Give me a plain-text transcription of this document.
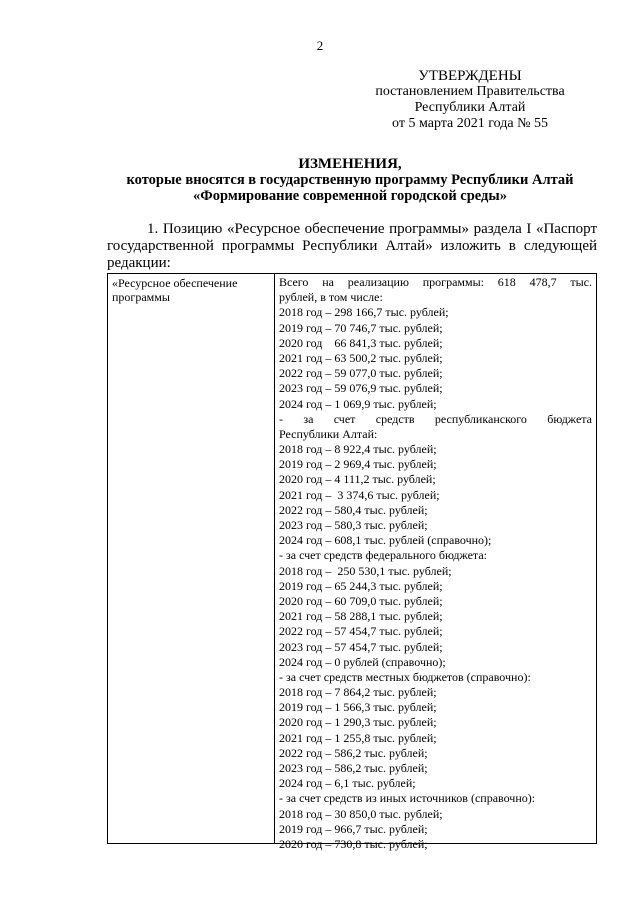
2
УТВЕРЖДЕНЫ
постановлением Правительства
Республики Алтай
от 5 марта 2021 года № 55
ИЗМЕНЕНИЯ,
которые вносятся в государственную программу Республики Алтай
«Формирование современной городской среды»
1. Позицию «Ресурсное обеспечение программы» раздела I «Паспорт государственной программы Республики Алтай» изложить в следующей редакции:
«Ресурсное обеспечение программы
Всего на реализацию программы: 618 478,7 тыс.
рублей, в том числе:
2018 год – 298 166,7 тыс. рублей;
2019 год – 70 746,7 тыс. рублей;
2020 год    66 841,3 тыс. рублей;
2021 год – 63 500,2 тыс. рублей;
2022 год – 59 077,0 тыс. рублей;
2023 год – 59 076,9 тыс. рублей;
2024 год – 1 069,9 тыс. рублей;
- за счет средств республиканского бюджета
Республики Алтай:
2018 год – 8 922,4 тыс. рублей;
2019 год – 2 969,4 тыс. рублей;
2020 год – 4 111,2 тыс. рублей;
2021 год –  3 374,6 тыс. рублей;
2022 год – 580,4 тыс. рублей;
2023 год – 580,3 тыс. рублей;
2024 год – 608,1 тыс. рублей (справочно);
- за счет средств федерального бюджета:
2018 год –  250 530,1 тыс. рублей;
2019 год – 65 244,3 тыс. рублей;
2020 год – 60 709,0 тыс. рублей;
2021 год – 58 288,1 тыс. рублей;
2022 год – 57 454,7 тыс. рублей;
2023 год – 57 454,7 тыс. рублей;
2024 год – 0 рублей (справочно);
- за счет средств местных бюджетов (справочно):
2018 год – 7 864,2 тыс. рублей;
2019 год – 1 566,3 тыс. рублей;
2020 год – 1 290,3 тыс. рублей;
2021 год – 1 255,8 тыс. рублей;
2022 год – 586,2 тыс. рублей;
2023 год – 586,2 тыс. рублей;
2024 год – 6,1 тыс. рублей;
- за счет средств из иных источников (справочно):
2018 год – 30 850,0 тыс. рублей;
2019 год – 966,7 тыс. рублей;
2020 год – 730,8 тыс. рублей;
